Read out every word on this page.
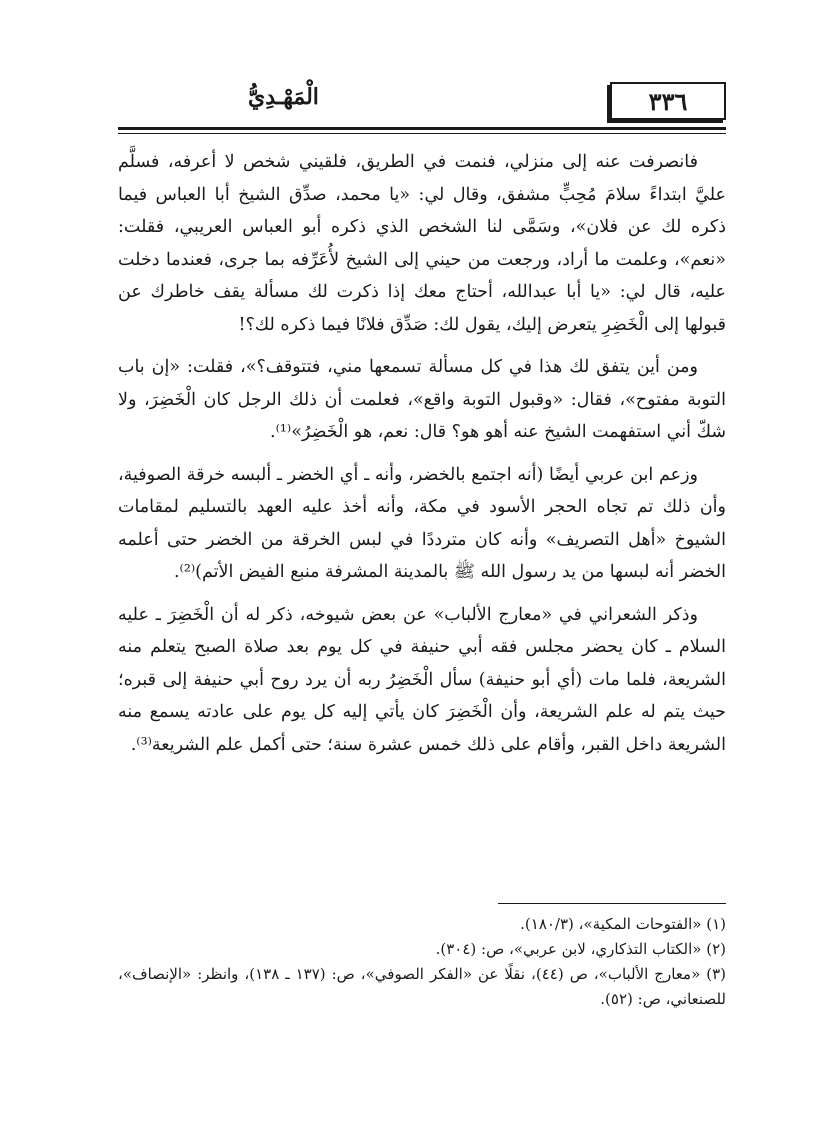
٣٣٦
الْمَهْـدِيُّ

فانصرفت عنه إلى منزلي، فنمت في الطريق، فلقيني شخص لا أعرفه، فسلَّم عليَّ ابتداءً سلامَ مُحِبٍّ مشفق، وقال لي: «يا محمد، صدِّق الشيخ أبا العباس فيما ذكره لك عن فلان»، وسَمَّى لنا الشخص الذي ذكره أبو العباس العريبي، فقلت: «نعم»، وعلمت ما أراد، ورجعت من حيني إلى الشيخ لأُعَرِّفه بما جرى، فعندما دخلت عليه، قال لي: «يا أبا عبدالله، أحتاج معك إذا ذكرت لك مسألة يقف خاطرك عن قبولها إلى الْخَضِرِ يتعرض إليك، يقول لك: صَدِّق فلانًا فيما ذكره لك؟!

ومن أين يتفق لك هذا في كل مسألة تسمعها مني، فتتوقف؟»، فقلت: «إن باب التوبة مفتوح»، فقال: «وقبول التوبة واقع»، فعلمت أن ذلك الرجل كان الْخَضِرَ، ولا شكّ أني استفهمت الشيخ عنه أهو هو؟ قال: نعم، هو الْخَضِرُ»⁽¹⁾.

وزعم ابن عربي أيضًا (أنه اجتمع بالخضر، وأنه ـ أي الخضر ـ ألبسه خرقة الصوفية، وأن ذلك تم تجاه الحجر الأسود في مكة، وأنه أخذ عليه العهد بالتسليم لمقامات الشيوخ «أهل التصريف» وأنه كان مترددًا في لبس الخرقة من الخضر حتى أعلمه الخضر أنه لبسها من يد رسول الله ﷺ بالمدينة المشرفة منبع الفيض الأتم)⁽²⁾.

وذكر الشعراني في «معارج الألباب» عن بعض شيوخه، ذكر له أن الْخَضِرَ ـ عليه السلام ـ كان يحضر مجلس فقه أبي حنيفة في كل يوم بعد صلاة الصبح يتعلم منه الشريعة، فلما مات (أي أبو حنيفة) سأل الْخَضِرُ ربه أن يرد روح أبي حنيفة إلى قبره؛ حيث يتم له علم الشريعة، وأن الْخَضِرَ كان يأتي إليه كل يوم على عادته يسمع منه الشريعة داخل القبر، وأقام على ذلك خمس عشرة سنة؛ حتى أكمل علم الشريعة⁽³⁾.

(١) «الفتوحات المكية»، (١٨٠/٣).

(٢) «الكتاب التذكاري، لابن عربي»، ص: (٣٠٤).

(٣) «معارج الألباب»، ص (٤٤)، نقلًا عن «الفكر الصوفي»، ص: (١٣٧ ـ ١٣٨)، وانظر: «الإنصاف»، للصنعاني، ص: (٥٢).
